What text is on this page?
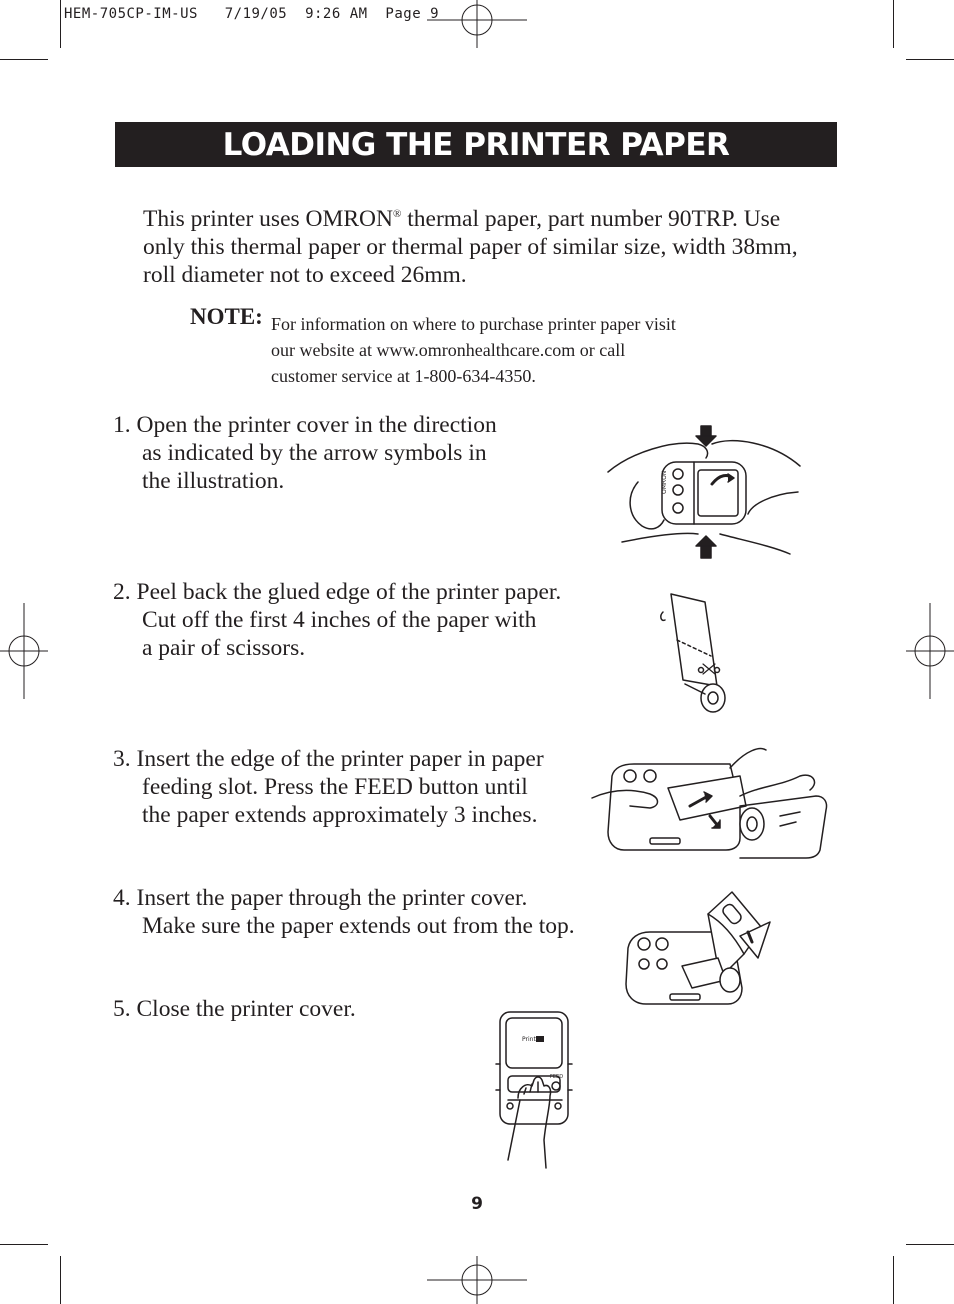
HEM-705CP-IM-US   7/19/05  9:26 AM  Page 9
LOADING THE PRINTER PAPER
This printer uses OMRON® thermal paper, part number 90TRP. Use
only this thermal paper or thermal paper of similar size, width 38mm,
roll diameter not to exceed 26mm.
NOTE: For information on where to purchase printer paper visit
our website at www.omronhealthcare.com or call
customer service at 1-800-634-4350.
1. Open the printer cover in the direction
as indicated by the arrow symbols in
the illustration.	OMRON
2. Peel back the glued edge of the printer paper.
Cut off the first 4 inches of the paper with
a pair of scissors.
3. Insert the edge of the printer paper in paper
feeding slot. Press the FEED button until
the paper extends approximately 3 inches.
4. Insert the paper through the printer cover.
Make sure the paper extends out from the top.
5. Close the printer cover.
Printer
FEED
9
